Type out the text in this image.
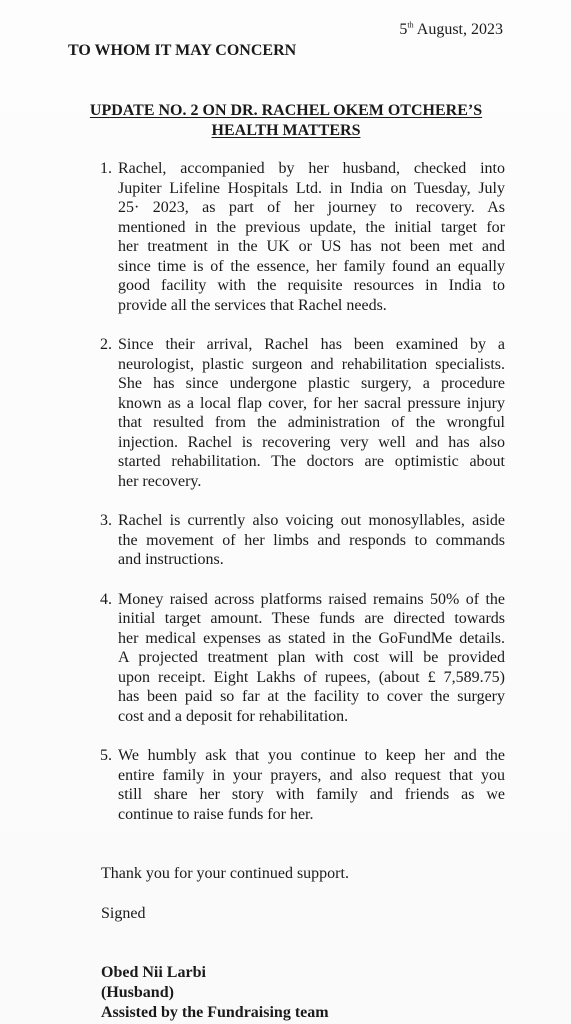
5th August, 2023
TO WHOM IT MAY CONCERN
UPDATE NO. 2 ON DR. RACHEL OKEM OTCHERE’S
HEALTH MATTERS
1. Rachel, accompanied by her husband, checked into
Jupiter Lifeline Hospitals Ltd. in India on Tuesday, July
25· 2023, as part of her journey to recovery. As
mentioned in the previous update, the initial target for
her treatment in the UK or US has not been met and
since time is of the essence, her family found an equally
good facility with the requisite resources in India to
provide all the services that Rachel needs.
2. Since their arrival, Rachel has been examined by a
neurologist, plastic surgeon and rehabilitation specialists.
She has since undergone plastic surgery, a procedure
known as a local flap cover, for her sacral pressure injury
that resulted from the administration of the wrongful
injection. Rachel is recovering very well and has also
started rehabilitation. The doctors are optimistic about
her recovery.
3. Rachel is currently also voicing out monosyllables, aside
the movement of her limbs and responds to commands
and instructions.
4. Money raised across platforms raised remains 50% of the
initial target amount. These funds are directed towards
her medical expenses as stated in the GoFundMe details.
A projected treatment plan with cost will be provided
upon receipt. Eight Lakhs of rupees, (about £ 7,589.75)
has been paid so far at the facility to cover the surgery
cost and a deposit for rehabilitation.
5. We humbly ask that you continue to keep her and the
entire family in your prayers, and also request that you
still share her story with family and friends as we
continue to raise funds for her.
Thank you for your continued support.
Signed
Obed Nii Larbi
(Husband)
Assisted by the Fundraising team
